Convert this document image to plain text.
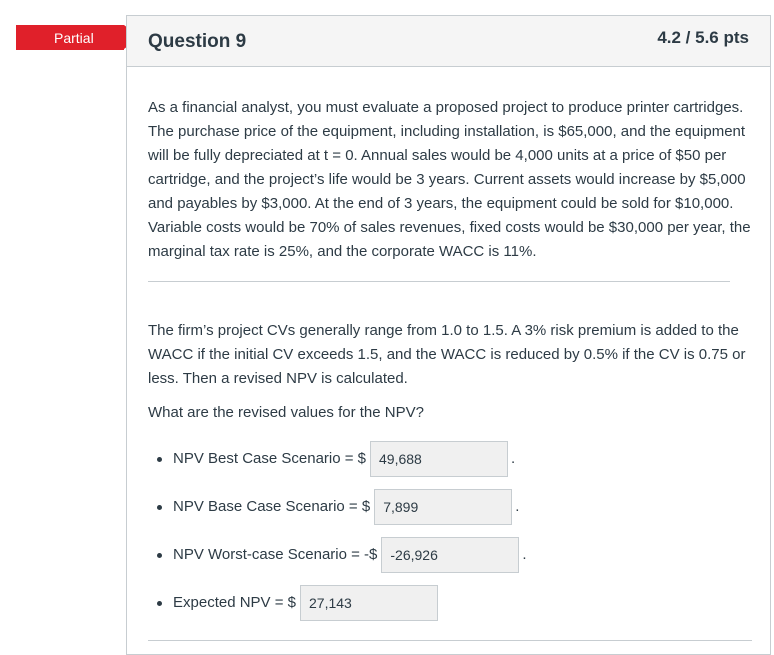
Partial	Question 9	4.2 / 5.6 pts

As a financial analyst, you must evaluate a proposed project to produce printer cartridges. The purchase price of the equipment, including installation, is $65,000, and the equipment will be fully depreciated at t = 0. Annual sales would be 4,000 units at a price of $50 per cartridge, and the project’s life would be 3 years. Current assets would increase by $5,000 and payables by $3,000. At the end of 3 years, the equipment could be sold for $10,000. Variable costs would be 70% of sales revenues, fixed costs would be $30,000 per year, the marginal tax rate is 25%, and the corporate WACC is 11%.

The firm’s project CVs generally range from 1.0 to 1.5. A 3% risk premium is added to the WACC if the initial CV exceeds 1.5, and the WACC is reduced by 0.5% if the CV is 0.75 or less. Then a revised NPV is calculated.

What are the revised values for the NPV?

NPV Best Case Scenario = $ 49,688	.
NPV Base Case Scenario = $ 7,899	.
NPV Worst-case Scenario = -$ -26,926	.
Expected NPV = $ 27,143
